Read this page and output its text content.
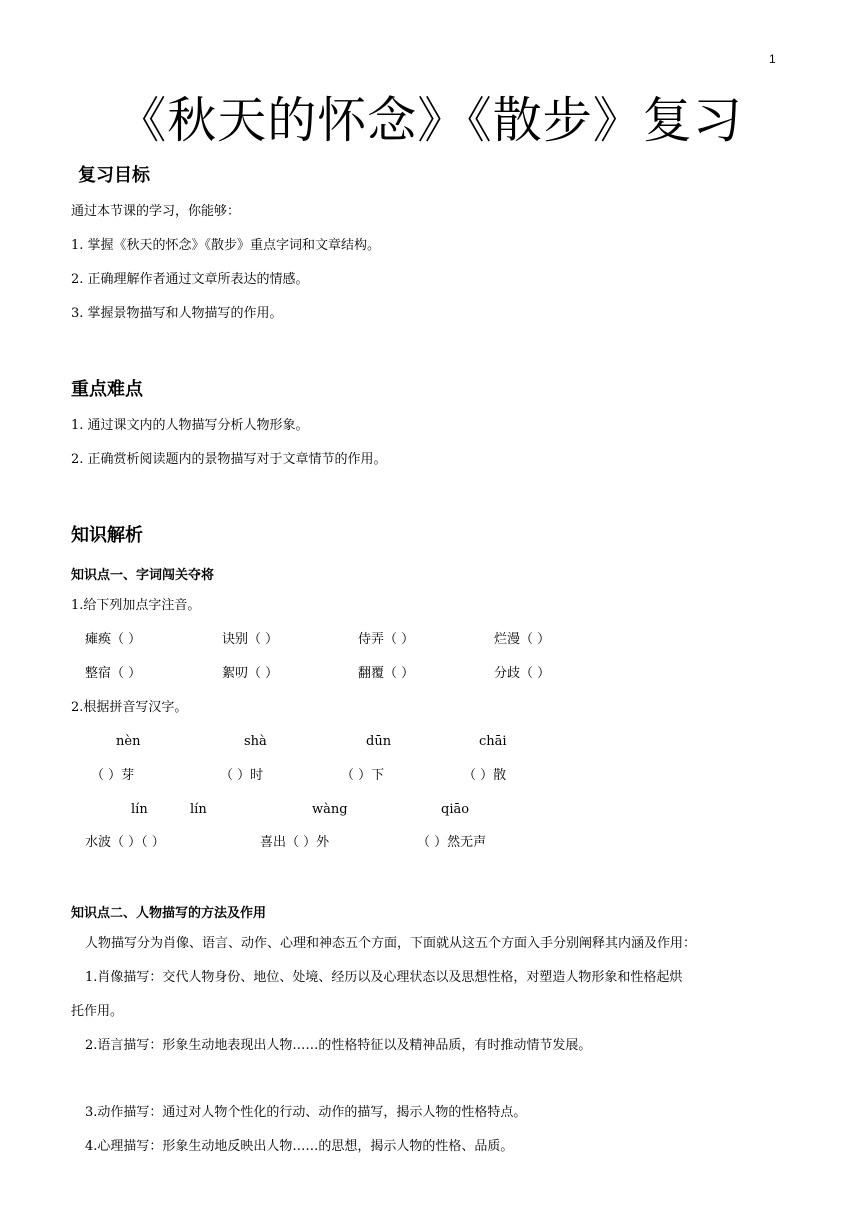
1
《秋天的怀念》《散步》复习
复习目标
通过本节课的学习，你能够：
1. 掌握《秋天的怀念》《散步》重点字词和文章结构。
2. 正确理解作者通过文章所表达的情感。
3. 掌握景物描写和人物描写的作用。
重点难点
1. 通过课文内的人物描写分析人物形象。
2. 正确赏析阅读题内的景物描写对于文章情节的作用。
知识解析
知识点一、字词闯关夺将
1.给下列加点字注音。
瘫痪（ ）	诀别（ ）	侍弄（ ）	烂漫（ ）
整宿（ ）	絮叨（ ）	翻覆（ ）	分歧（ ）
2.根据拼音写汉字。
nèn	shà	dūn	chāi
（ ）芽	（ ）时	（ ）下	（ ）散
lín	lín	wàng	qiāo
水波（ ）（ ）	喜出（ ）外	（ ）然无声
知识点二、人物描写的方法及作用
人物描写分为肖像、语言、动作、心理和神态五个方面，下面就从这五个方面入手分别阐释其内涵及作用：
1.肖像描写：交代人物身份、地位、处境、经历以及心理状态以及思想性格，对塑造人物形象和性格起烘
托作用。
2.语言描写：形象生动地表现出人物……的性格特征以及精神品质，有时推动情节发展。
3.动作描写：通过对人物个性化的行动、动作的描写，揭示人物的性格特点。
4.心理描写：形象生动地反映出人物……的思想，揭示人物的性格、品质。
